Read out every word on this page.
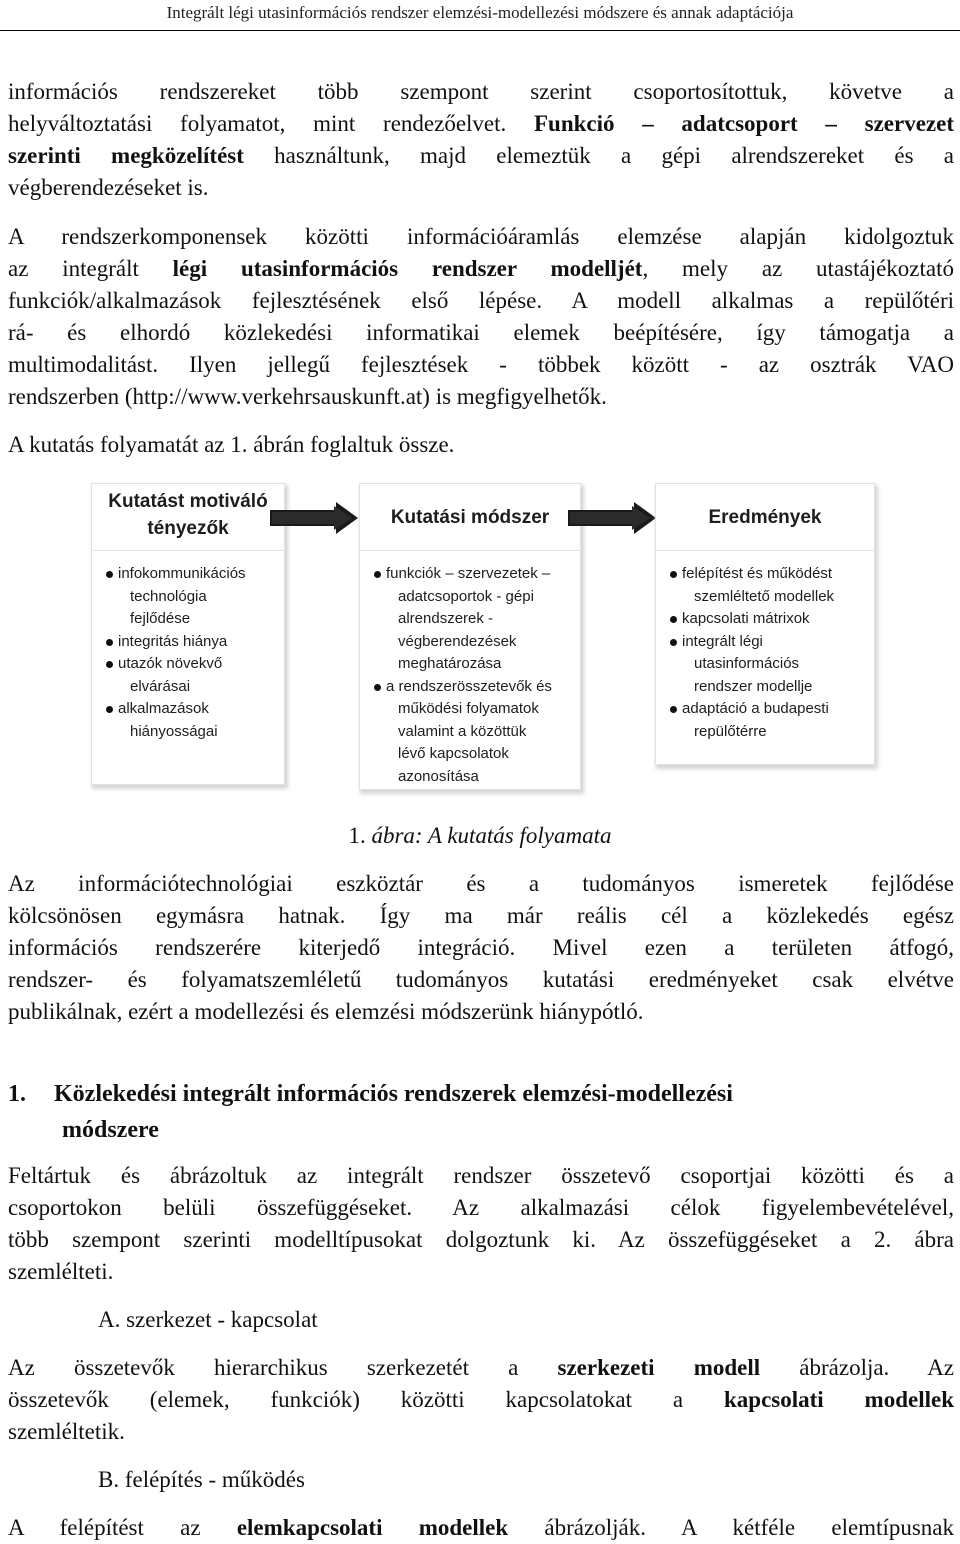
Integrált légi utasinformációs rendszer elemzési-modellezési módszere és annak adaptációja
információs rendszereket több szempont szerint csoportosítottuk, követve a
helyváltoztatási folyamatot, mint rendezőelvet. Funkció – adatcsoport – szervezet
szerinti megközelítést használtunk, majd elemeztük a gépi alrendszereket és a
végberendezéseket is.
A rendszerkomponensek közötti információáramlás elemzése alapján kidolgoztuk
az integrált légi utasinformációs rendszer modelljét, mely az utastájékoztató
funkciók/alkalmazások fejlesztésének első lépése. A modell alkalmas a repülőtéri
rá- és elhordó közlekedési informatikai elemek beépítésére, így támogatja a
multimodalitást. Ilyen jellegű fejlesztések - többek között - az osztrák VAO
rendszerben (http://www.verkehrsauskunft.at) is megfigyelhetők.
A kutatás folyamatát az 1. ábrán foglaltuk össze.
Kutatást motiváló
tényezők
infokommunikációs
technológia
fejlődése
integritás hiánya
utazók növekvő
elvárásai
alkalmazások
hiányosságai
Kutatási módszer
funkciók – szervezetek –
adatcsoportok - gépi
alrendszerek -
végberendezések
meghatározása
a rendszerösszetevők és
működési folyamatok
valamint a közöttük
lévő kapcsolatok
azonosítása
Eredmények
felépítést és működést
szemléltető modellek
kapcsolati mátrixok
integrált légi
utasinformációs
rendszer modellje
adaptáció a budapesti
repülőtérre
1. ábra: A kutatás folyamata
Az információtechnológiai eszköztár és a tudományos ismeretek fejlődése
kölcsönösen egymásra hatnak. Így ma már reális cél a közlekedés egész
információs rendszerére kiterjedő integráció. Mivel ezen a területen átfogó,
rendszer- és folyamatszemléletű tudományos kutatási eredményeket csak elvétve
publikálnak, ezért a modellezési és elemzési módszerünk hiánypótló.
1. Közlekedési integrált információs rendszerek elemzési-modellezési
módszere
Feltártuk és ábrázoltuk az integrált rendszer összetevő csoportjai közötti és a
csoportokon belüli összefüggéseket. Az alkalmazási célok figyelembevételével,
több szempont szerinti modelltípusokat dolgoztunk ki. Az összefüggéseket a 2. ábra
szemlélteti.
A. szerkezet - kapcsolat
Az összetevők hierarchikus szerkezetét a szerkezeti modell ábrázolja. Az
összetevők (elemek, funkciók) közötti kapcsolatokat a kapcsolati modellek
szemléltetik.
B. felépítés - működés
A felépítést az elemkapcsolati modellek ábrázolják. A kétféle elemtípusnak
